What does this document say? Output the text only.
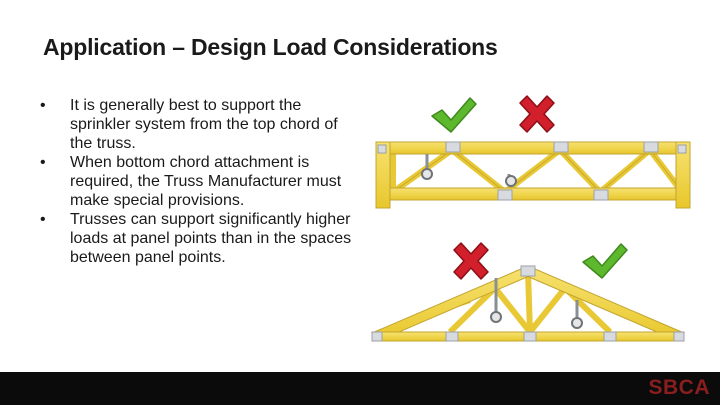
Application – Design Load Considerations
• It is generally best to support the sprinkler system from the top chord of the truss.
• When bottom chord attachment is required, the Truss Manufacturer must make special provisions.
• Trusses can support significantly higher loads at panel points than in the spaces between panel points.
SBCA
